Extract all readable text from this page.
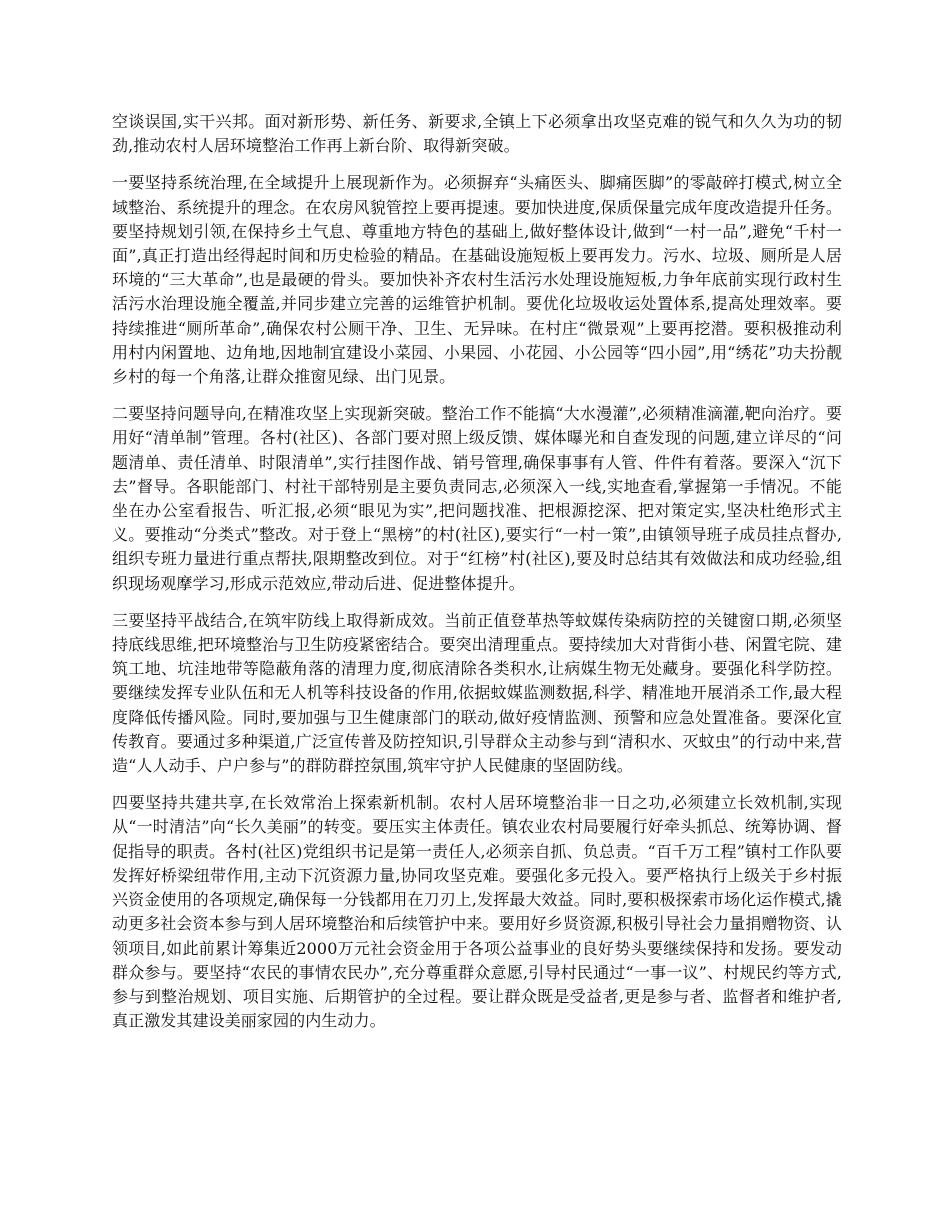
空谈误国,实干兴邦。面对新形势、新任务、新要求,全镇上下必须拿出攻坚克难的锐气和久久为功的韧劲,推动农村人居环境整治工作再上新台阶、取得新突破。

一要坚持系统治理,在全域提升上展现新作为。必须摒弃“头痛医头、脚痛医脚”的零敲碎打模式,树立全域整治、系统提升的理念。在农房风貌管控上要再提速。要加快进度,保质保量完成年度改造提升任务。要坚持规划引领,在保持乡土气息、尊重地方特色的基础上,做好整体设计,做到“一村一品”,避免“千村一面”,真正打造出经得起时间和历史检验的精品。在基础设施短板上要再发力。污水、垃圾、厕所是人居环境的“三大革命”,也是最硬的骨头。要加快补齐农村生活污水处理设施短板,力争年底前实现行政村生活污水治理设施全覆盖,并同步建立完善的运维管护机制。要优化垃圾收运处置体系,提高处理效率。要持续推进“厕所革命”,确保农村公厕干净、卫生、无异味。在村庄“微景观”上要再挖潜。要积极推动利用村内闲置地、边角地,因地制宜建设小菜园、小果园、小花园、小公园等“四小园”,用“绣花”功夫扮靓乡村的每一个角落,让群众推窗见绿、出门见景。

二要坚持问题导向,在精准攻坚上实现新突破。整治工作不能搞“大水漫灌”,必须精准滴灌,靶向治疗。要用好“清单制”管理。各村(社区)、各部门要对照上级反馈、媒体曝光和自查发现的问题,建立详尽的“问题清单、责任清单、时限清单”,实行挂图作战、销号管理,确保事事有人管、件件有着落。要深入“沉下去”督导。各职能部门、村社干部特别是主要负责同志,必须深入一线,实地查看,掌握第一手情况。不能坐在办公室看报告、听汇报,必须“眼见为实”,把问题找准、把根源挖深、把对策定实,坚决杜绝形式主义。要推动“分类式”整改。对于登上“黑榜”的村(社区),要实行“一村一策”,由镇领导班子成员挂点督办,组织专班力量进行重点帮扶,限期整改到位。对于“红榜”村(社区),要及时总结其有效做法和成功经验,组织现场观摩学习,形成示范效应,带动后进、促进整体提升。

三要坚持平战结合,在筑牢防线上取得新成效。当前正值登革热等蚊媒传染病防控的关键窗口期,必须坚持底线思维,把环境整治与卫生防疫紧密结合。要突出清理重点。要持续加大对背街小巷、闲置宅院、建筑工地、坑洼地带等隐蔽角落的清理力度,彻底清除各类积水,让病媒生物无处藏身。要强化科学防控。要继续发挥专业队伍和无人机等科技设备的作用,依据蚊媒监测数据,科学、精准地开展消杀工作,最大程度降低传播风险。同时,要加强与卫生健康部门的联动,做好疫情监测、预警和应急处置准备。要深化宣传教育。要通过多种渠道,广泛宣传普及防控知识,引导群众主动参与到“清积水、灭蚊虫”的行动中来,营造“人人动手、户户参与”的群防群控氛围,筑牢守护人民健康的坚固防线。

四要坚持共建共享,在长效常治上探索新机制。农村人居环境整治非一日之功,必须建立长效机制,实现从“一时清洁”向“长久美丽”的转变。要压实主体责任。镇农业农村局要履行好牵头抓总、统筹协调、督促指导的职责。各村(社区)党组织书记是第一责任人,必须亲自抓、负总责。“百千万工程”镇村工作队要发挥好桥梁纽带作用,主动下沉资源力量,协同攻坚克难。要强化多元投入。要严格执行上级关于乡村振兴资金使用的各项规定,确保每一分钱都用在刀刃上,发挥最大效益。同时,要积极探索市场化运作模式,撬动更多社会资本参与到人居环境整治和后续管护中来。要用好乡贤资源,积极引导社会力量捐赠物资、认领项目,如此前累计筹集近2000万元社会资金用于各项公益事业的良好势头要继续保持和发扬。要发动群众参与。要坚持“农民的事情农民办”,充分尊重群众意愿,引导村民通过“一事一议”、村规民约等方式,参与到整治规划、项目实施、后期管护的全过程。要让群众既是受益者,更是参与者、监督者和维护者,真正激发其建设美丽家园的内生动力。
